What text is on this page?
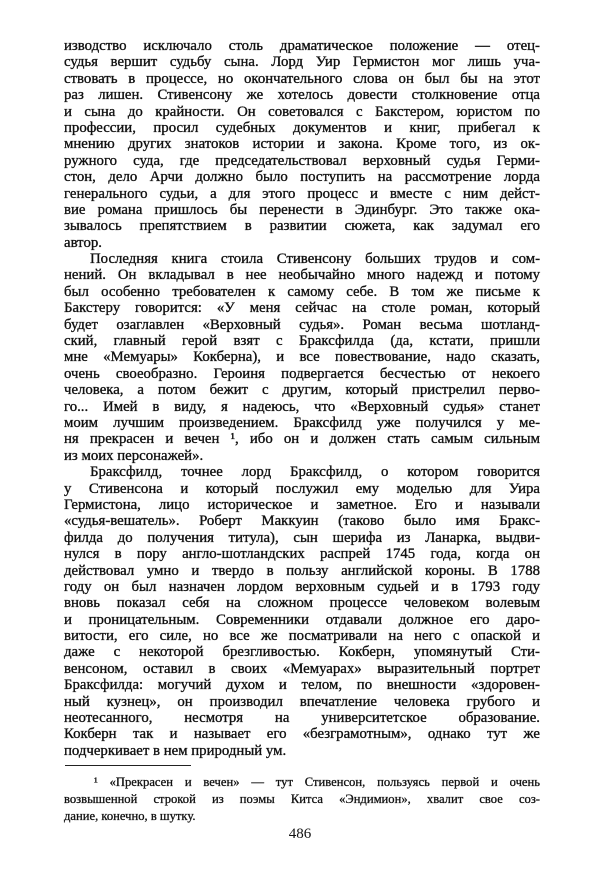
изводство исключало столь драматическое положение — отец-
судья вершит судьбу сына. Лорд Уир Гермистон мог лишь уча-
ствовать в процессе, но окончательного слова он был бы на этот
раз лишен. Стивенсону же хотелось довести столкновение отца
и сына до крайности. Он советовался с Бакстером, юристом по
профессии, просил судебных документов и книг, прибегал к
мнению других знатоков истории и закона. Кроме того, из ок-
ружного суда, где председательствовал верховный судья Герми-
стон, дело Арчи должно было поступить на рассмотрение лорда
генерального судьи, а для этого процесс и вместе с ним дейст-
вие романа пришлось бы перенести в Эдинбург. Это также ока-
зывалось препятствием в развитии сюжета, как задумал его
автор.
Последняя книга стоила Стивенсону больших трудов и сом-
нений. Он вкладывал в нее необычайно много надежд и потому
был особенно требователен к самому себе. В том же письме к
Бакстеру говорится: «У меня сейчас на столе роман, который
будет озаглавлен «Верховный судья». Роман весьма шотланд-
ский, главный герой взят с Браксфилда (да, кстати, пришли
мне «Мемуары» Кокберна), и все повествование, надо сказать,
очень своеобразно. Героиня подвергается бесчестью от некоего
человека, а потом бежит с другим, который пристрелил перво-
го... Имей в виду, я надеюсь, что «Верховный судья» станет
моим лучшим произведением. Браксфилд уже получился у ме-
ня прекрасен и вечен ¹, ибо он и должен стать самым сильным
из моих персонажей».
Браксфилд, точнее лорд Браксфилд, о котором говорится
у Стивенсона и который послужил ему моделью для Уира
Гермистона, лицо историческое и заметное. Его и называли
«судья-вешатель». Роберт Маккуин (таково было имя Бракс-
филда до получения титула), сын шерифа из Ланарка, выдви-
нулся в пору англо-шотландских распрей 1745 года, когда он
действовал умно и твердо в пользу английской короны. В 1788
году он был назначен лордом верховным судьей и в 1793 году
вновь показал себя на сложном процессе человеком волевым
и проницательным. Современники отдавали должное его даро-
витости, его силе, но все же посматривали на него с опаской и
даже с некоторой брезгливостью. Кокберн, упомянутый Сти-
венсоном, оставил в своих «Мемуарах» выразительный портрет
Браксфилда: могучий духом и телом, по внешности «здоровен-
ный кузнец», он производил впечатление человека грубого и
неотесанного, несмотря на университетское образование.
Кокберн так и называет его «безграмотным», однако тут же
подчеркивает в нем природный ум.
¹ «Прекрасен и вечен» — тут Стивенсон, пользуясь первой и очень
возвышенной строкой из поэмы Китса «Эндимион», хвалит свое соз-
дание, конечно, в шутку.
486
